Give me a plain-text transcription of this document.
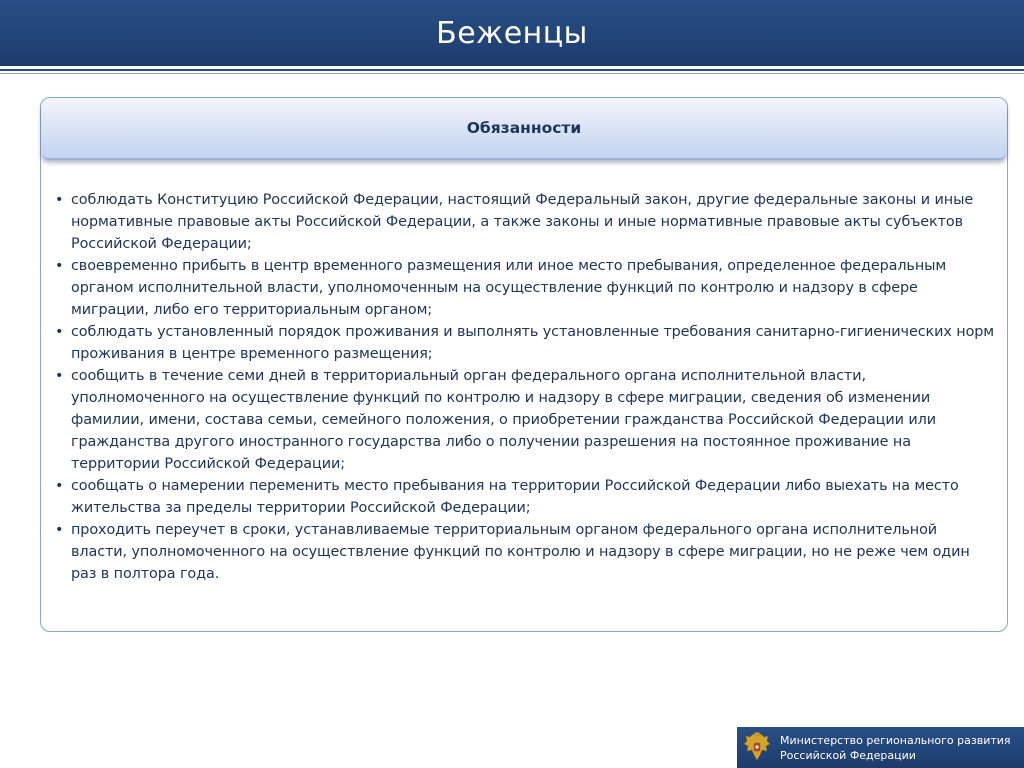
Беженцы
Обязанности
• соблюдать Конституцию Российской Федерации, настоящий Федеральный закон, другие федеральные законы и иные нормативные правовые акты Российской Федерации, а также законы и иные нормативные правовые акты субъектов Российской Федерации;
• своевременно прибыть в центр временного размещения или иное место пребывания, определенное федеральным органом исполнительной власти, уполномоченным на осуществление функций по контролю и надзору в сфере миграции, либо его территориальным органом;
• соблюдать установленный порядок проживания и выполнять установленные требования санитарно-гигиенических норм проживания в центре временного размещения;
• сообщить в течение семи дней в территориальный орган федерального органа исполнительной власти, уполномоченного на осуществление функций по контролю и надзору в сфере миграции, сведения об изменении фамилии, имени, состава семьи, семейного положения, о приобретении гражданства Российской Федерации или гражданства другого иностранного государства либо о получении разрешения на постоянное проживание на территории Российской Федерации;
• сообщать о намерении переменить место пребывания на территории Российской Федерации либо выехать на место жительства за пределы территории Российской Федерации;
• проходить переучет в сроки, устанавливаемые территориальным органом федерального органа исполнительной власти, уполномоченного на осуществление функций по контролю и надзору в сфере миграции, но не реже чем один раз в полтора года.
Министерство регионального развития
Российской Федерации
